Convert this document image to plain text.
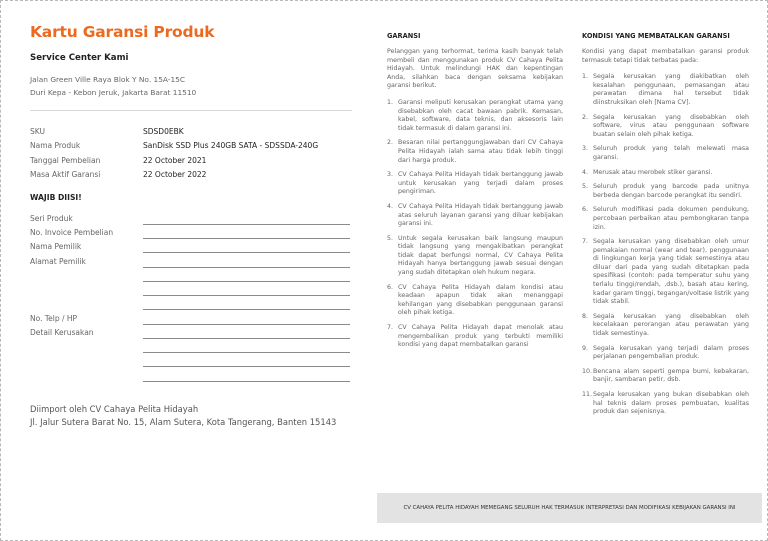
Kartu Garansi Produk
Service Center Kami
Jalan Green Ville Raya Blok Y No. 15A-15C
Duri Kepa - Kebon Jeruk, Jakarta Barat 11510
SKU	SDSD0EBK
Nama Produk	SanDisk SSD Plus 240GB SATA - SDSSDA-240G
Tanggal Pembelian	22 October 2021
Masa Aktif Garansi	22 October 2022
WAJIB DIISI!
Seri Produk
No. Invoice Pembelian
Nama Pemilik
Alamat Pemilik
No. Telp / HP
Detail Kerusakan
Diimport oleh CV Cahaya Pelita Hidayah
Jl. Jalur Sutera Barat No. 15, Alam Sutera, Kota Tangerang, Banten 15143
GARANSI
Pelanggan yang terhormat, terima kasih banyak telah membeli dan menggunakan produk CV Cahaya Pelita Hidayah. Untuk melindungi HAK dan kepentingan Anda, silahkan baca dengan seksama kebijakan garansi berikut.
1. Garansi meliputi kerusakan perangkat utama yang disebabkan oleh cacat bawaan pabrik. Kemasan, kabel, software, data teknis, dan aksesoris lain tidak termasuk di dalam garansi ini.
2. Besaran nilai pertanggungjawaban dari CV Cahaya Pelita Hidayah ialah sama atau tidak lebih tinggi dari harga produk.
3. CV Cahaya Pelita Hidayah tidak bertanggung jawab untuk kerusakan yang terjadi dalam proses pengiriman.
4. CV Cahaya Pelita Hidayah tidak bertanggung jawab atas seluruh layanan garansi yang diluar kebijakan garansi ini.
5. Untuk segala kerusakan baik langsung maupun tidak langsung yang mengakibatkan perangkat tidak dapat berfungsi normal, CV Cahaya Pelita Hidayah hanya bertanggung jawab sesuai dengan yang sudah ditetapkan oleh hukum negara.
6. CV Cahaya Pelita Hidayah dalam kondisi atau keadaan apapun tidak akan menanggapi kehilangan yang disebabkan penggunaan garansi oleh pihak ketiga.
7. CV Cahaya Pelita Hidayah dapat menolak atau mengembalikan produk yang terbukti memiliki kondisi yang dapat membatalkan garansi
KONDISI YANG MEMBATALKAN GARANSI
Kondisi yang dapat membatalkan garansi produk termasuk tetapi tidak terbatas pada:
1. Segala kerusakan yang diakibatkan oleh kesalahan penggunaan, pemasangan atau perawatan dimana hal tersebut tidak diinstruksikan oleh [Nama CV].
2. Segala kerusakan yang disebabkan oleh software, virus atau penggunaan software buatan selain oleh pihak ketiga.
3. Seluruh produk yang telah melewati masa garansi.
4. Merusak atau merobek stiker garansi.
5. Seluruh produk yang barcode pada unitnya berbeda dengan barcode perangkat itu sendiri.
6. Seluruh modifikasi pada dokumen pendukung, percobaan perbaikan atau pembongkaran tanpa izin.
7. Segala kerusakan yang disebabkan oleh umur pemakaian normal (wear and tear), penggunaan di lingkungan kerja yang tidak semestinya atau diluar dari pada yang sudah ditetapkan pada spesifikasi (contoh: pada temperatur suhu yang terlalu tinggi/rendah, ,dsb.), basah atau kering, kadar garam tinggi, tegangan/voltase listrik yang tidak stabil.
8. Segala kerusakan yang disebabkan oleh kecelakaan perorangan atau perawatan yang tidak semestinya.
9. Segala kerusakan yang terjadi dalam proses perjalanan pengembalian produk.
10. Bencana alam seperti gempa bumi, kebakaran, banjir, sambaran petir, dsb.
11. Segala kerusakan yang bukan disebabkan oleh hal teknis dalam proses pembuatan, kualitas produk dan sejenisnya.
CV CAHAYA PELITA HIDAYAH MEMEGANG SELURUH HAK TERMASUK INTERPRETASI DAN MODIFIKASI KEBIJAKAN GARANSI INI
